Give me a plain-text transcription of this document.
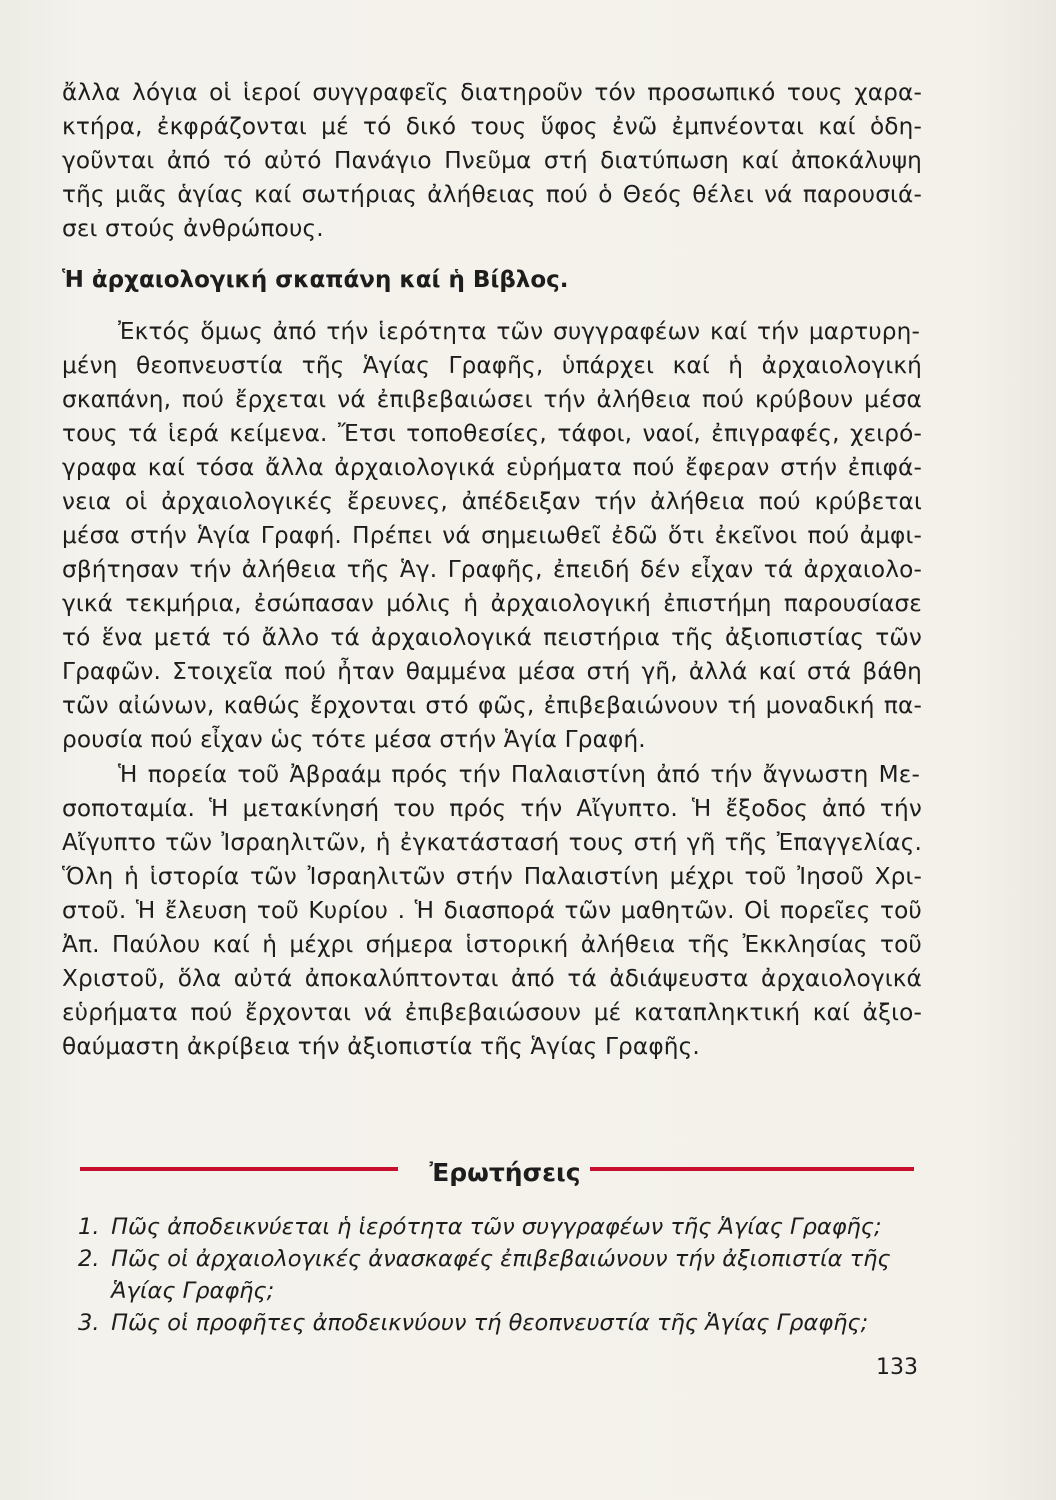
ἄλλα λόγια οἱ ἱεροί συγγραφεῖς διατηροῦν τόν προσωπικό τους χαρα-
κτήρα, ἐκφράζονται μέ τό δικό τους ὕφος ἐνῶ ἐμπνέονται καί ὁδη-
γοῦνται ἀπό τό αὐτό Πανάγιο Πνεῦμα στή διατύπωση καί ἀποκάλυψη
τῆς μιᾶς ἁγίας καί σωτήριας ἀλήθειας πού ὁ Θεός θέλει νά παρουσιά-
σει στούς ἀνθρώπους.
Ἡ ἀρχαιολογική σκαπάνη καί ἡ Βίβλος.
Ἐκτός ὅμως ἀπό τήν ἱερότητα τῶν συγγραφέων καί τήν μαρτυρη-
μένη θεοπνευστία τῆς Ἁγίας Γραφῆς, ὑπάρχει καί ἡ ἀρχαιολογική
σκαπάνη, πού ἔρχεται νά ἐπιβεβαιώσει τήν ἀλήθεια πού κρύβουν μέσα
τους τά ἱερά κείμενα. Ἔτσι τοποθεσίες, τάφοι, ναοί, ἐπιγραφές, χειρό-
γραφα καί τόσα ἄλλα ἀρχαιολογικά εὑρήματα πού ἔφεραν στήν ἐπιφά-
νεια οἱ ἀρχαιολογικές ἔρευνες, ἀπέδειξαν τήν ἀλήθεια πού κρύβεται
μέσα στήν Ἁγία Γραφή. Πρέπει νά σημειωθεῖ ἐδῶ ὅτι ἐκεῖνοι πού ἀμφι-
σβήτησαν τήν ἀλήθεια τῆς Ἁγ. Γραφῆς, ἐπειδή δέν εἶχαν τά ἀρχαιολο-
γικά τεκμήρια, ἐσώπασαν μόλις ἡ ἀρχαιολογική ἐπιστήμη παρουσίασε
τό ἕνα μετά τό ἄλλο τά ἀρχαιολογικά πειστήρια τῆς ἀξιοπιστίας τῶν
Γραφῶν. Στοιχεῖα πού ἦταν θαμμένα μέσα στή γῆ, ἀλλά καί στά βάθη
τῶν αἰώνων, καθώς ἔρχονται στό φῶς, ἐπιβεβαιώνουν τή μοναδική πα-
ρουσία πού εἶχαν ὡς τότε μέσα στήν Ἁγία Γραφή.
Ἡ πορεία τοῦ Ἀβραάμ πρός τήν Παλαιστίνη ἀπό τήν ἄγνωστη Με-
σοποταμία. Ἡ μετακίνησή του πρός τήν Αἴγυπτο. Ἡ ἔξοδος ἀπό τήν
Αἴγυπτο τῶν Ἰσραηλιτῶν, ἡ ἐγκατάστασή τους στή γῆ τῆς Ἐπαγγελίας.
Ὅλη ἡ ἱστορία τῶν Ἰσραηλιτῶν στήν Παλαιστίνη μέχρι τοῦ Ἰησοῦ Χρι-
στοῦ. Ἡ ἔλευση τοῦ Κυρίου . Ἡ διασπορά τῶν μαθητῶν. Οἱ πορεῖες τοῦ
Ἀπ. Παύλου καί ἡ μέχρι σήμερα ἱστορική ἀλήθεια τῆς Ἐκκλησίας τοῦ
Χριστοῦ, ὅλα αὐτά ἀποκαλύπτονται ἀπό τά ἀδιάψευστα ἀρχαιολογικά
εὑρήματα πού ἔρχονται νά ἐπιβεβαιώσουν μέ καταπληκτική καί ἀξιο-
θαύμαστη ἀκρίβεια τήν ἀξιοπιστία τῆς Ἁγίας Γραφῆς.
Ἐρωτήσεις
1. Πῶς ἀποδεικνύεται ἡ ἱερότητα τῶν συγγραφέων τῆς Ἁγίας Γραφῆς;
2. Πῶς οἱ ἀρχαιολογικές ἀνασκαφές ἐπιβεβαιώνουν τήν ἀξιοπιστία τῆς
Ἁγίας Γραφῆς;
3. Πῶς οἱ προφῆτες ἀποδεικνύουν τή θεοπνευστία τῆς Ἁγίας Γραφῆς;
133
